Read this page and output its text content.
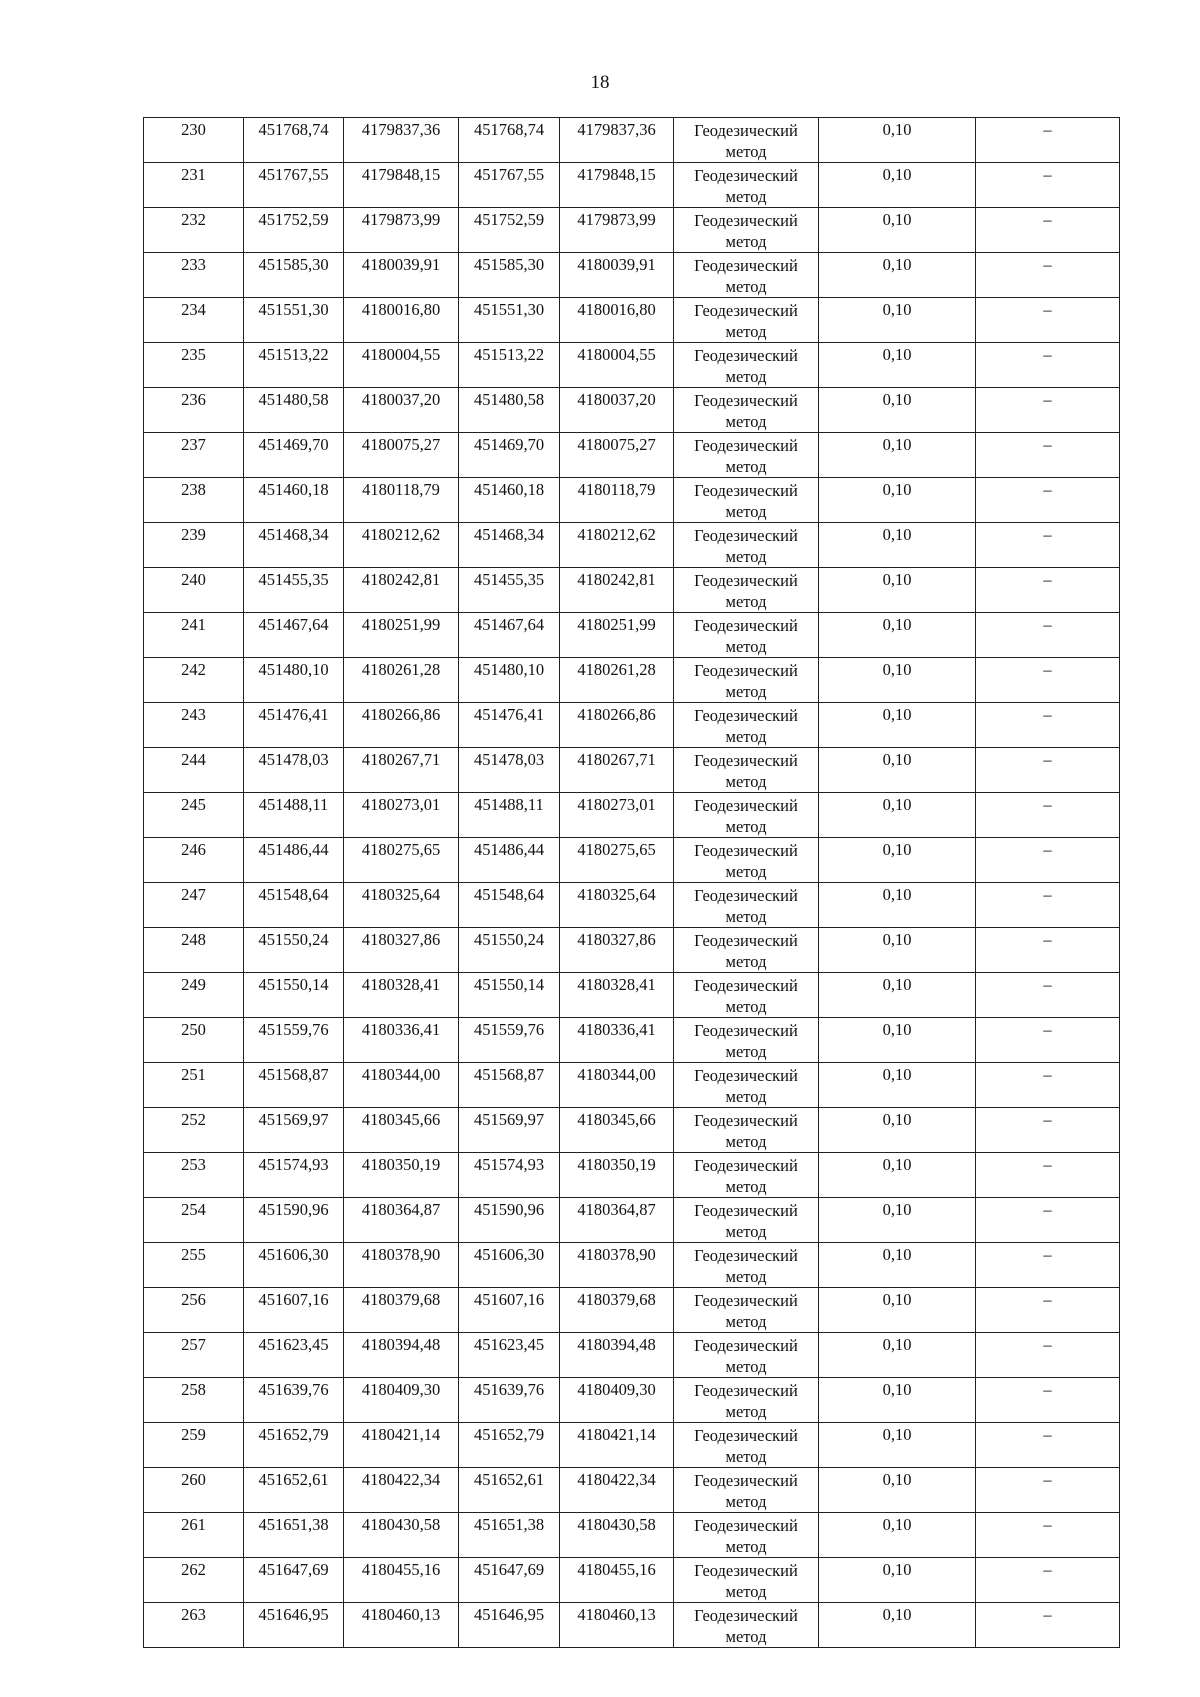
18
230	451768,74	4179837,36	451768,74	4179837,36	Геодезический метод	0,10	–
231	451767,55	4179848,15	451767,55	4179848,15	Геодезический метод	0,10	–
232	451752,59	4179873,99	451752,59	4179873,99	Геодезический метод	0,10	–
233	451585,30	4180039,91	451585,30	4180039,91	Геодезический метод	0,10	–
234	451551,30	4180016,80	451551,30	4180016,80	Геодезический метод	0,10	–
235	451513,22	4180004,55	451513,22	4180004,55	Геодезический метод	0,10	–
236	451480,58	4180037,20	451480,58	4180037,20	Геодезический метод	0,10	–
237	451469,70	4180075,27	451469,70	4180075,27	Геодезический метод	0,10	–
238	451460,18	4180118,79	451460,18	4180118,79	Геодезический метод	0,10	–
239	451468,34	4180212,62	451468,34	4180212,62	Геодезический метод	0,10	–
240	451455,35	4180242,81	451455,35	4180242,81	Геодезический метод	0,10	–
241	451467,64	4180251,99	451467,64	4180251,99	Геодезический метод	0,10	–
242	451480,10	4180261,28	451480,10	4180261,28	Геодезический метод	0,10	–
243	451476,41	4180266,86	451476,41	4180266,86	Геодезический метод	0,10	–
244	451478,03	4180267,71	451478,03	4180267,71	Геодезический метод	0,10	–
245	451488,11	4180273,01	451488,11	4180273,01	Геодезический метод	0,10	–
246	451486,44	4180275,65	451486,44	4180275,65	Геодезический метод	0,10	–
247	451548,64	4180325,64	451548,64	4180325,64	Геодезический метод	0,10	–
248	451550,24	4180327,86	451550,24	4180327,86	Геодезический метод	0,10	–
249	451550,14	4180328,41	451550,14	4180328,41	Геодезический метод	0,10	–
250	451559,76	4180336,41	451559,76	4180336,41	Геодезический метод	0,10	–
251	451568,87	4180344,00	451568,87	4180344,00	Геодезический метод	0,10	–
252	451569,97	4180345,66	451569,97	4180345,66	Геодезический метод	0,10	–
253	451574,93	4180350,19	451574,93	4180350,19	Геодезический метод	0,10	–
254	451590,96	4180364,87	451590,96	4180364,87	Геодезический метод	0,10	–
255	451606,30	4180378,90	451606,30	4180378,90	Геодезический метод	0,10	–
256	451607,16	4180379,68	451607,16	4180379,68	Геодезический метод	0,10	–
257	451623,45	4180394,48	451623,45	4180394,48	Геодезический метод	0,10	–
258	451639,76	4180409,30	451639,76	4180409,30	Геодезический метод	0,10	–
259	451652,79	4180421,14	451652,79	4180421,14	Геодезический метод	0,10	–
260	451652,61	4180422,34	451652,61	4180422,34	Геодезический метод	0,10	–
261	451651,38	4180430,58	451651,38	4180430,58	Геодезический метод	0,10	–
262	451647,69	4180455,16	451647,69	4180455,16	Геодезический метод	0,10	–
263	451646,95	4180460,13	451646,95	4180460,13	Геодезический метод	0,10	–
